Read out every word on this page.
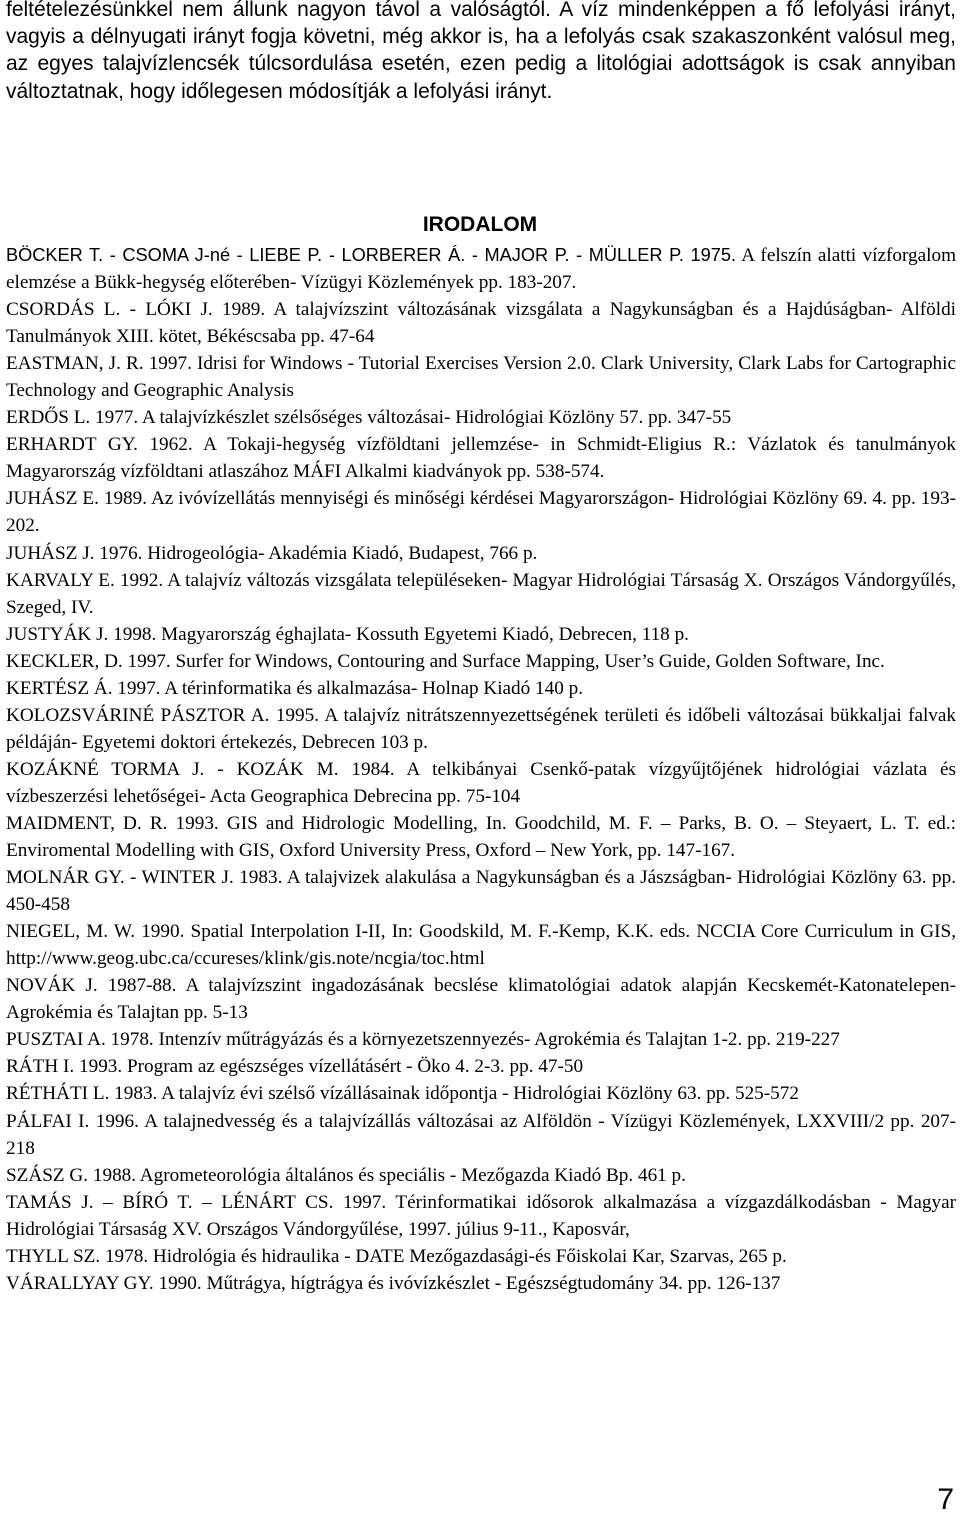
feltételezésünkkel nem állunk nagyon távol a valóságtól. A víz mindenképpen a fő lefolyási irányt, vagyis a délnyugati irányt fogja követni, még akkor is, ha a lefolyás csak szakaszonként valósul meg, az egyes talajvízlencsék túlcsordulása esetén, ezen pedig a litológiai adottságok is csak annyiban változtatnak, hogy időlegesen módosítják a lefolyási irányt.

IRODALOM

BÖCKER T. - CSOMA J-né - LIEBE P. - LORBERER Á. - MAJOR P. - MÜLLER P. 1975. A felszín alatti vízforgalom elemzése a Bükk-hegység előterében- Vízügyi Közlemények pp. 183-207.

CSORDÁS L. - LÓKI J. 1989. A talajvízszint változásának vizsgálata a Nagykunságban és a Hajdúságban- Alföldi Tanulmányok XIII. kötet, Békéscsaba pp. 47-64

EASTMAN, J. R. 1997. Idrisi for Windows - Tutorial Exercises Version 2.0. Clark University, Clark Labs for Cartographic Technology and Geographic Analysis

ERDŐS L. 1977. A talajvízkészlet szélsőséges változásai- Hidrológiai Közlöny 57. pp. 347-55

ERHARDT GY. 1962. A Tokaji-hegység vízföldtani jellemzése- in Schmidt-Eligius R.: Vázlatok és tanulmányok Magyarország vízföldtani atlaszához MÁFI Alkalmi kiadványok pp. 538-574.

JUHÁSZ E. 1989. Az ivóvízellátás mennyiségi és minőségi kérdései Magyarországon- Hidrológiai Közlöny 69. 4. pp. 193-202.

JUHÁSZ J. 1976. Hidrogeológia- Akadémia Kiadó, Budapest, 766 p.

KARVALY E. 1992. A talajvíz változás vizsgálata településeken- Magyar Hidrológiai Társaság X. Országos Vándorgyűlés, Szeged, IV.

JUSTYÁK J. 1998. Magyarország éghajlata- Kossuth Egyetemi Kiadó, Debrecen, 118 p.

KECKLER, D. 1997. Surfer for Windows, Contouring and Surface Mapping, User’s Guide, Golden Software, Inc.

KERTÉSZ Á. 1997. A térinformatika és alkalmazása- Holnap Kiadó 140 p.

KOLOZSVÁRINÉ PÁSZTOR A. 1995. A talajvíz nitrátszennyezettségének területi és időbeli változásai bükkaljai falvak példáján- Egyetemi doktori értekezés, Debrecen 103 p.

KOZÁKNÉ TORMA J. - KOZÁK M. 1984. A telkibányai Csenkő-patak vízgyűjtőjének hidrológiai vázlata és vízbeszerzési lehetőségei- Acta Geographica Debrecina pp. 75-104

MAIDMENT, D. R. 1993. GIS and Hidrologic Modelling, In. Goodchild, M. F. – Parks, B. O. – Steyaert, L. T. ed.: Enviromental Modelling with GIS, Oxford University Press, Oxford – New York, pp. 147-167.

MOLNÁR GY. - WINTER J. 1983. A talajvizek alakulása a Nagykunságban és a Jászságban- Hidrológiai Közlöny 63. pp. 450-458

NIEGEL, M. W. 1990. Spatial Interpolation I-II, In: Goodskild, M. F.-Kemp, K.K. eds. NCCIA Core Curriculum in GIS, http://www.geog.ubc.ca/ccureses/klink/gis.note/ncgia/toc.html

NOVÁK J. 1987-88. A talajvízszint ingadozásának becslése klimatológiai adatok alapján Kecskemét-Katonatelepen- Agrokémia és Talajtan pp. 5-13

PUSZTAI A. 1978. Intenzív műtrágyázás és a környezetszennyezés- Agrokémia és Talajtan 1-2. pp. 219-227

RÁTH I. 1993. Program az egészséges vízellátásért - Öko 4. 2-3. pp. 47-50

RÉTHÁTI L. 1983. A talajvíz évi szélső vízállásainak időpontja - Hidrológiai Közlöny 63. pp. 525-572

PÁLFAI I. 1996. A talajnedvesség és a talajvízállás változásai az Alföldön - Vízügyi Közlemények, LXXVIII/2 pp. 207-218

SZÁSZ G. 1988. Agrometeorológia általános és speciális - Mezőgazda Kiadó Bp. 461 p.

TAMÁS J. – BÍRÓ T. – LÉNÁRT CS. 1997. Térinformatikai idősorok alkalmazása a vízgazdálkodásban - Magyar Hidrológiai Társaság XV. Országos Vándorgyűlése, 1997. július 9-11., Kaposvár,

THYLL SZ. 1978. Hidrológia és hidraulika - DATE Mezőgazdasági-és Főiskolai Kar, Szarvas, 265 p.

VÁRALLYAY GY. 1990. Műtrágya, hígtrágya és ivóvízkészlet - Egészségtudomány 34. pp. 126-137

7
